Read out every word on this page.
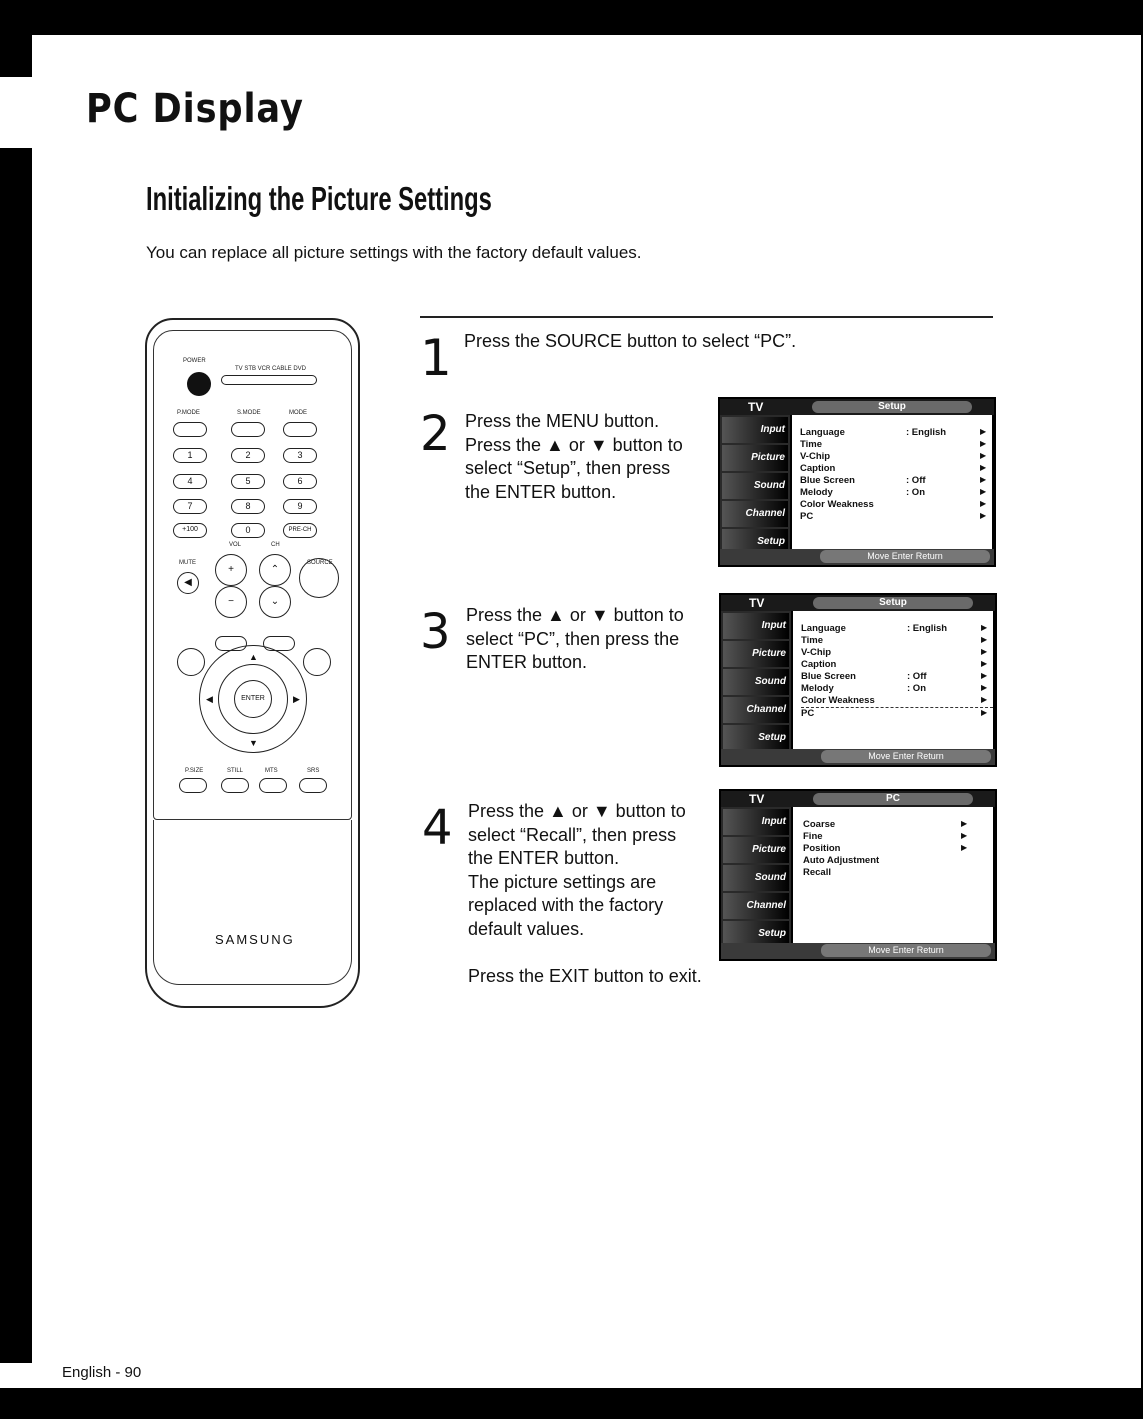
PC Display
Initializing the Picture Settings
You can replace all picture settings with the factory default values.
POWER
TV STB VCR CABLE DVD
P.MODE	S.MODE	MODE
1	2	3
4	5	6
7	8	9
+100	0	PRE-CH
VOL	CH
MUTE	SOURCE
◀
+
−
⌃
⌄
ENTER
▲
▼
◀	▶
P.SIZE	STILL	MTS	SRS
SAMSUNG
1 Press the SOURCE button to select “PC”.
2 Press the MENU button.
Press the ▲ or ▼ button to
select “Setup”, then press
the ENTER button.
TV	Setup
Input
Picture
Sound
Channel
Setup
Language	: English	▶
Time	▶
V-Chip	▶
Caption	▶
Blue Screen	: Off	▶
Melody	: On	▶
Color Weakness	▶
PC	▶
Move Enter Return
3 Press the ▲ or ▼ button to
select “PC”, then press the
ENTER button.
TV	Setup
Input
Picture
Sound
Channel
Setup
Language	: English	▶
Time	▶
V-Chip	▶
Caption	▶
Blue Screen	: Off	▶
Melody	: On	▶
Color Weakness	▶
PC	▶
Move Enter Return
4 Press the ▲ or ▼ button to
select “Recall”, then press
the ENTER button.
The picture settings are
replaced with the factory
default values.
Press the EXIT button to exit.
TV	PC
Input
Picture
Sound
Channel
Setup
Coarse	▶
Fine	▶
Position	▶
Auto Adjustment
Recall
Move Enter Return
English - 90
